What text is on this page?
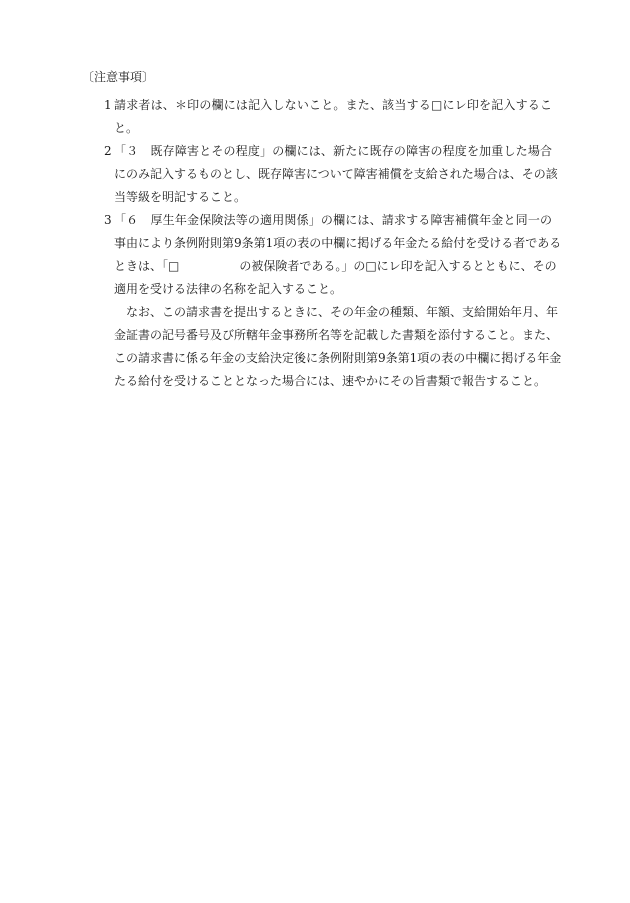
〔注意事項〕
1 請求者は、＊印の欄には記入しないこと。また、該当する□にレ印を記入するこ
と。
2 「３　既存障害とその程度」の欄には、新たに既存の障害の程度を加重した場合
にのみ記入するものとし、既存障害について障害補償を支給された場合は、その該
当等級を明記すること。
3 「６　厚生年金保険法等の適用関係」の欄には、請求する障害補償年金と同一の
事由により条例附則第9条第1項の表の中欄に掲げる年金たる給付を受ける者である
ときは、「□	の被保険者である。」の□にレ印を記入するとともに、その
適用を受ける法律の名称を記入すること。
なお、この請求書を提出するときに、その年金の種類、年額、支給開始年月、年
金証書の記号番号及び所轄年金事務所名等を記載した書類を添付すること。また、
この請求書に係る年金の支給決定後に条例附則第9条第1項の表の中欄に掲げる年金
たる給付を受けることとなった場合には、速やかにその旨書類で報告すること。
